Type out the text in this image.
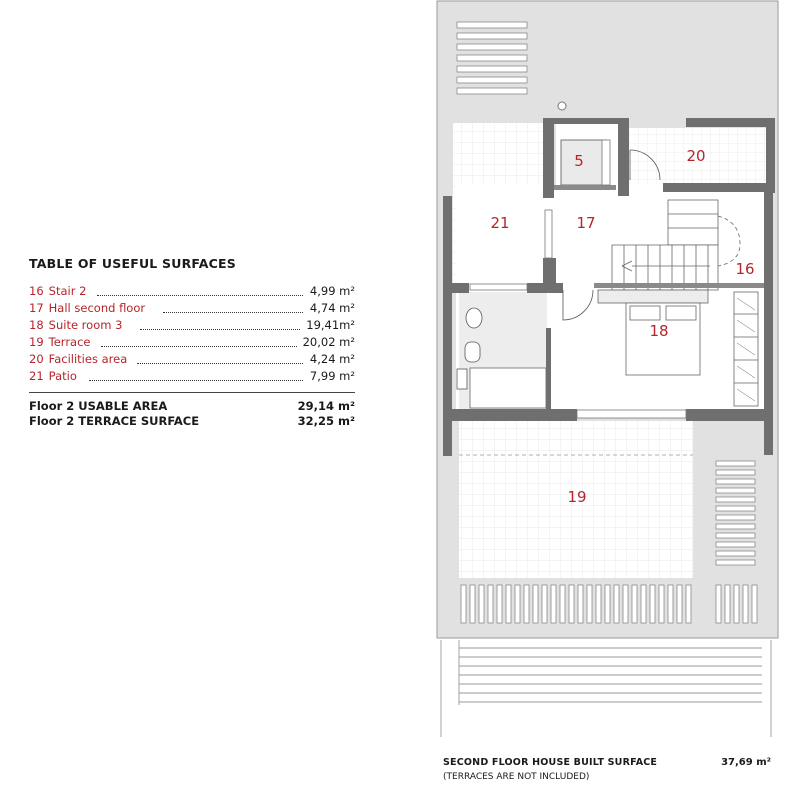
TABLE OF USEFUL SURFACES
16 Stair 2	4,99 m²
17 Hall second floor	4,74 m²
18 Suite room 3	19,41m²
19 Terrace	20,02 m²
20 Facilities area	4,24 m²
21 Patio	7,99 m²
Floor 2 USABLE AREA	29,14 m²
Floor 2 TERRACE SURFACE	32,25 m²
5	20
21	17
16
18
19
SECOND FLOOR HOUSE BUILT SURFACE
(TERRACES ARE NOT INCLUDED)
37,69 m²
